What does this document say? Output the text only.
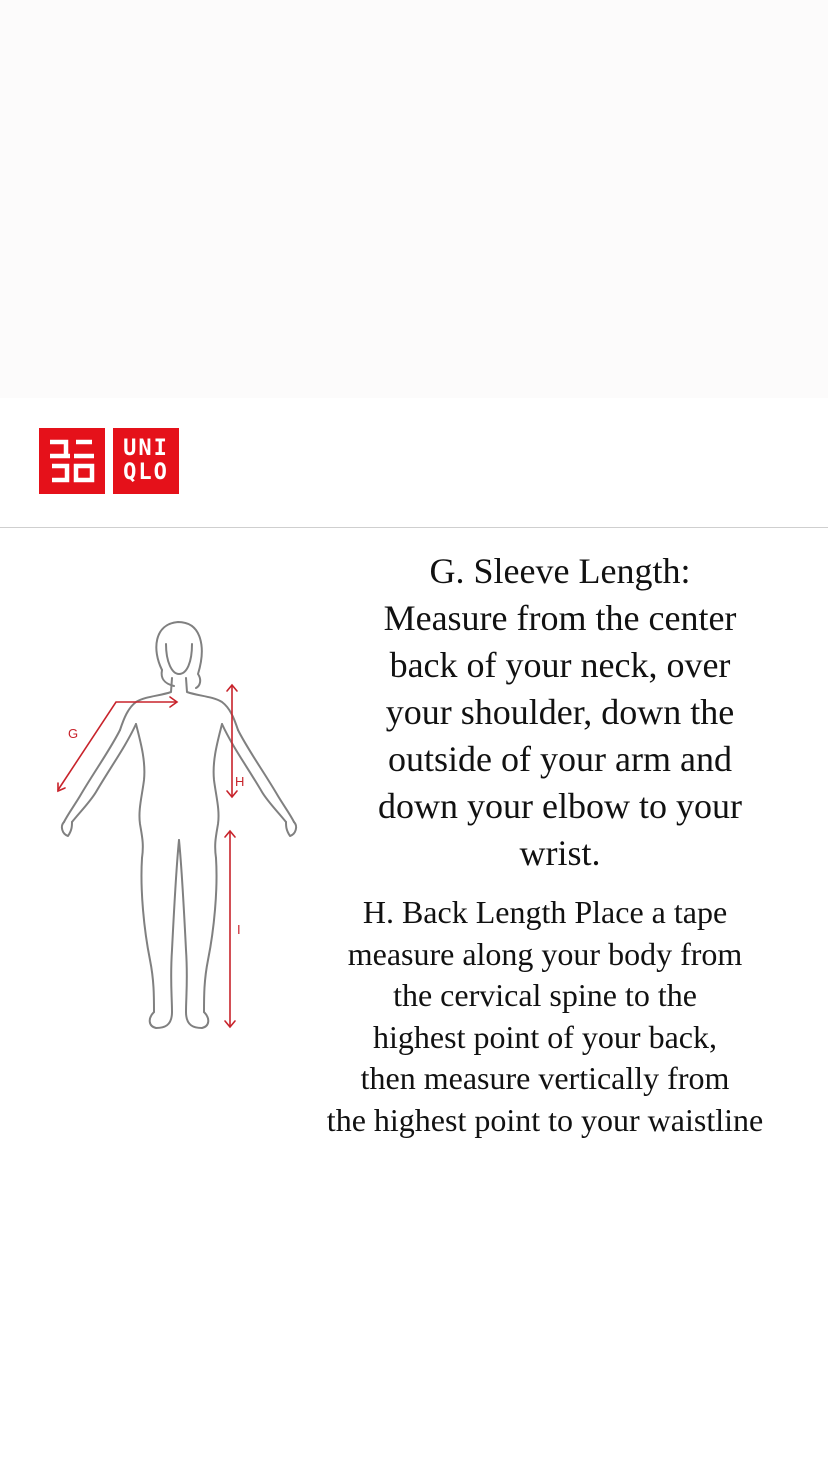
UNI
QLO
G
H
I
G. Sleeve Length:
Measure from the center
back of your neck, over
your shoulder, down the
outside of your arm and
down your elbow to your
wrist.
H. Back Length Place a tape
measure along your body from
the cervical spine to the
highest point of your back,
then measure vertically from
the highest point to your waistline
